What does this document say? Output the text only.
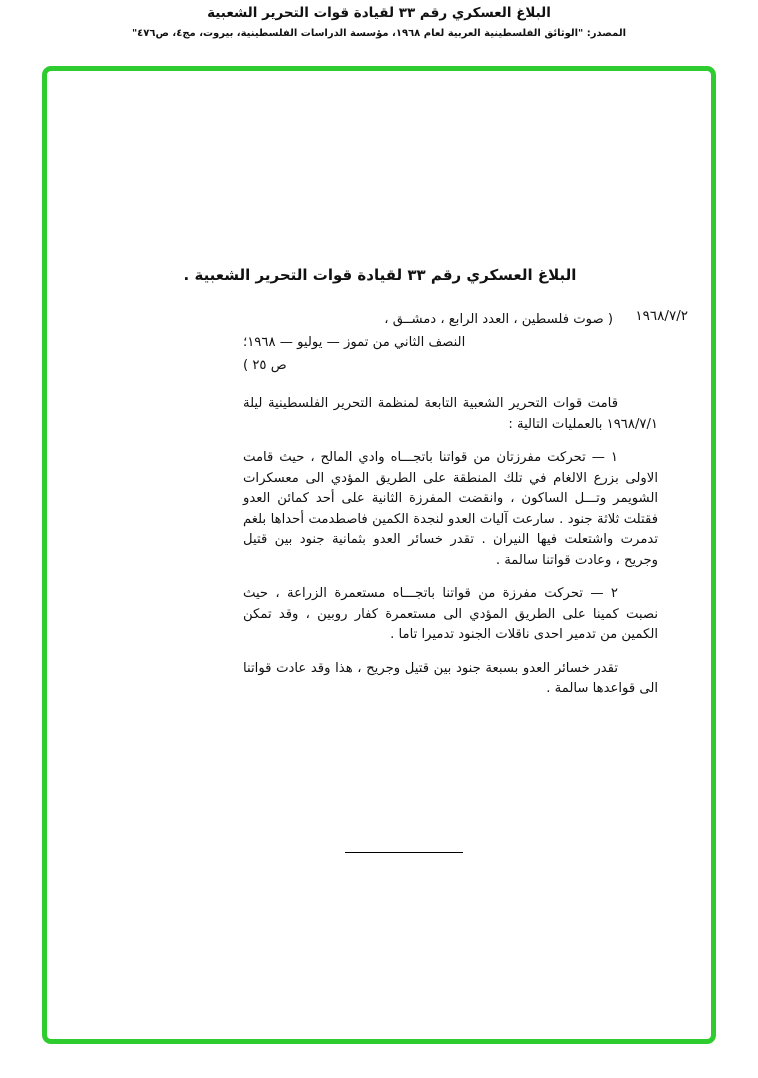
البلاغ العسكري رقم ٣٣ لقيادة قوات التحرير الشعبية
المصدر: "الوثائق الفلسطينية العربية لعام ١٩٦٨، مؤسسة الدراسات الفلسطينية، بيروت، مج٤، ص٤٧٦"
البلاغ العسكري رقم ٣٣ لقيادة قوات التحرير الشعبية .
١٩٦٨/٧/٢
( صوت فلسطين ، العدد الرابع ، دمشــق ،
النصف الثاني من تموز — يوليو — ١٩٦٨؛
ص ٢٥ )

قامت قوات التحرير الشعبية التابعة لمنظمة التحرير الفلسطينية ليلة ١٩٦٨/٧/١ بالعمليات التالية :

١ — تحركت مفرزتان من قواتنا باتجـــاه وادي المالح ، حيث قامت الاولى بزرع الالغام في تلك المنطقة على الطريق المؤدي الى معسكرات الشويمر وتـــل الساكون ، وانقضت المفرزة الثانية على أحد كمائن العدو فقتلت ثلاثة جنود . سارعت آليات العدو لنجدة الكمين فاصطدمت أحداها بلغم تدمرت واشتعلت فيها النيران . تقدر خسائر العدو بثمانية جنود بين قتيل وجريح ، وعادت قواتنا سالمة .

٢ — تحركت مفرزة من قواتنا باتجـــاه مستعمرة الزراعة ، حيث نصبت كمينا على الطريق المؤدي الى مستعمرة كفار روبين ، وقد تمكن الكمين من تدمير احدى ناقلات الجنود تدميرا تاما .

تقدر خسائر العدو بسبعة جنود بين قتيل وجريح ، هذا وقد عادت قواتنا الى قواعدها سالمة .
